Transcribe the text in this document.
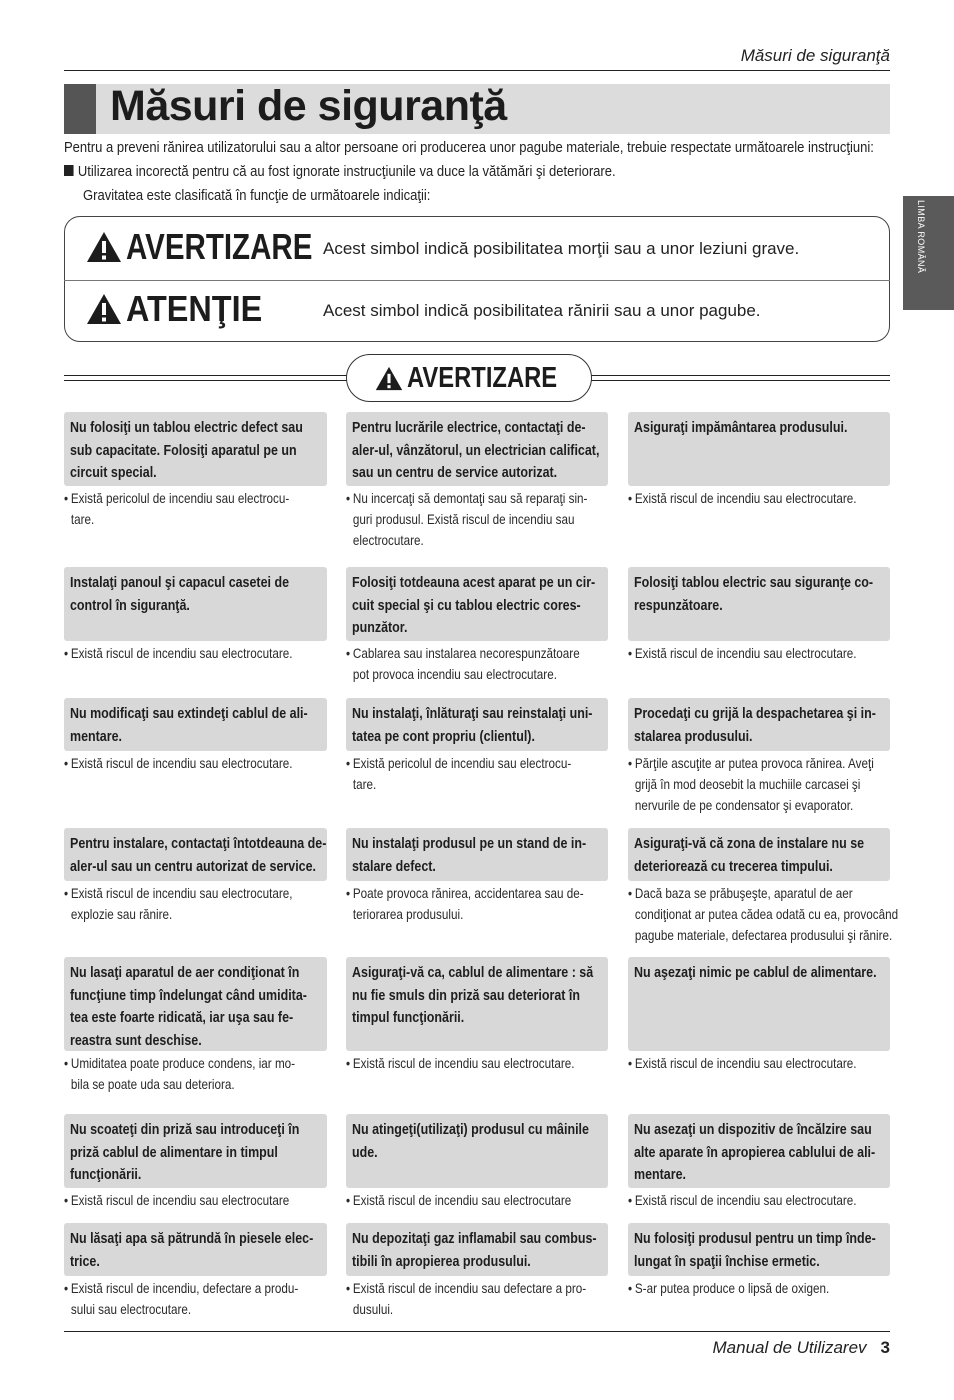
Măsuri de siguranţă
Măsuri de siguranţă
Pentru a preveni rănirea utilizatorului sau a altor persoane ori producerea unor pagube materiale, trebuie respectate următoarele instrucţiuni:
Utilizarea incorectă pentru că au fost ignorate instrucţiunile va duce la vătămări şi deteriorare.
Gravitatea este clasificată în funcţie de următoarele indicaţii:
LIMBA ROMÂNĂ
AVERTIZARE Acest simbol indică posibilitatea morţii sau a unor leziuni grave.
ATENŢIE	Acest simbol indică posibilitatea rănirii sau a unor pagube.
AVERTIZARE
Nu folosiţi un tablou electric defect sau
sub capacitate. Folosiţi aparatul pe un
circuit special.
• Există pericolul de incendiu sau electrocu-
tare.
Pentru lucrările electrice, contactaţi de-
aler-ul, vânzătorul, un electrician calificat,
sau un centru de service autorizat.
• Nu incercaţi să demontaţi sau să reparaţi sin-
guri produsul. Există riscul de incendiu sau
electrocutare.
Asiguraţi impământarea produsului.
• Există riscul de incendiu sau electrocutare.
Instalaţi panoul şi capacul casetei de
control în siguranţă.
• Există riscul de incendiu sau electrocutare.
Folosiţi totdeauna acest aparat pe un cir-
cuit special şi cu tablou electric cores-
punzător.
• Cablarea sau instalarea necorespunzătoare
pot provoca incendiu sau electrocutare.
Folosiţi tablou electric sau siguranţe co-
respunzătoare.
• Există riscul de incendiu sau electrocutare.
Nu modificaţi sau extindeţi cablul de ali-
mentare.
• Există riscul de incendiu sau electrocutare.
Nu instalaţi, înlăturaţi sau reinstalaţi uni-
tatea pe cont propriu (clientul).
• Există pericolul de incendiu sau electrocu-
tare.
Procedaţi cu grijă la despachetarea şi in-
stalarea produsului.
• Părţile ascuţite ar putea provoca rănirea. Aveţi
grijă în mod deosebit la muchiile carcasei şi
nervurile de pe condensator şi evaporator.
Pentru instalare, contactaţi întotdeauna de-
aler-ul sau un centru autorizat de service.
• Există riscul de incendiu sau electrocutare,
explozie sau rănire.
Nu instalaţi produsul pe un stand de in-
stalare defect.
• Poate provoca rănirea, accidentarea sau de-
teriorarea produsului.
Asiguraţi-vă că zona de instalare nu se
deteriorează cu trecerea timpului.
• Dacă baza se prăbuşeşte, aparatul de aer
condiţionat ar putea cădea odată cu ea, provocând
pagube materiale, defectarea produsului şi rănire.
Nu lasaţi aparatul de aer condiţionat în
funcţiune timp îndelungat când umidita-
tea este foarte ridicată, iar uşa sau fe-
reastra sunt deschise.
• Umiditatea poate produce condens, iar mo-
bila se poate uda sau deteriora.
Asiguraţi-vă ca, cablul de alimentare : să
nu fie smuls din priză sau deteriorat în
timpul funcţionării.
• Există riscul de incendiu sau electrocutare.
Nu aşezaţi nimic pe cablul de alimentare.
• Există riscul de incendiu sau electrocutare.
Nu scoateţi din priză sau introduceţi în
priză cablul de alimentare in timpul
funcţionării.
• Există riscul de incendiu sau electrocutare
Nu atingeţi(utilizaţi) produsul cu mâinile
ude.
• Există riscul de incendiu sau electrocutare
Nu asezaţi un dispozitiv de încălzire sau
alte aparate în apropierea cablului de ali-
mentare.
• Există riscul de incendiu sau electrocutare.
Nu lăsaţi apa să pătrundă în piesele elec-
trice.
• Există riscul de incendiu, defectare a produ-
sului sau electrocutare.
Nu depozitaţi gaz inflamabil sau combus-
tibili în apropierea produsului.
• Există riscul de incendiu sau defectare a pro-
dusului.
Nu folosiţi produsul pentru un timp înde-
lungat în spaţii închise ermetic.
• S-ar putea produce o lipsă de oxigen.
Manual de Utilizarev 3
